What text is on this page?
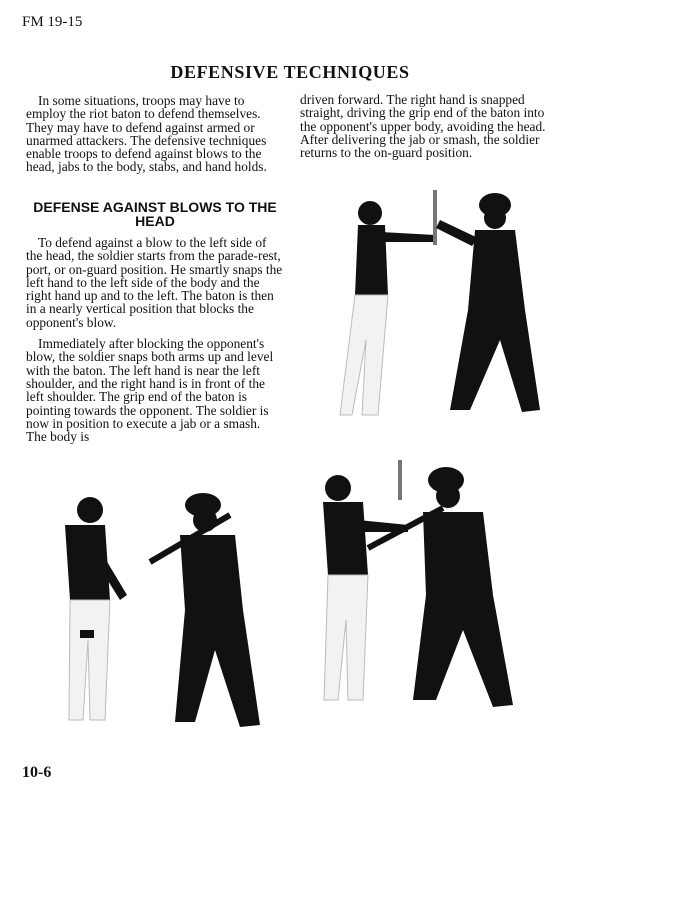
FM 19-15
DEFENSIVE TECHNIQUES

In some situations, troops may have to employ the riot baton to defend themselves. They may have to defend against armed or unarmed attackers. The defensive techniques enable troops to defend against blows to the head, jabs to the body, stabs, and hand holds.

DEFENSE AGAINST BLOWS TO THE HEAD

To defend against a blow to the left side of the head, the soldier starts from the parade-rest, port, or on-guard position. He smartly snaps the left hand to the left side of the body and the right hand up and to the left. The baton is then in a nearly vertical position that blocks the opponent's blow.

Immediately after blocking the opponent's blow, the soldier snaps both arms up and level with the baton. The left hand is near the left shoulder, and the right hand is in front of the left shoulder. The grip end of the baton is pointing towards the opponent. The soldier is now in position to execute a jab or a smash. The body is

driven forward. The right hand is snapped straight, driving the grip end of the baton into the opponent's upper body, avoiding the head. After delivering the jab or smash, the soldier returns to the on-guard position.

10-6
